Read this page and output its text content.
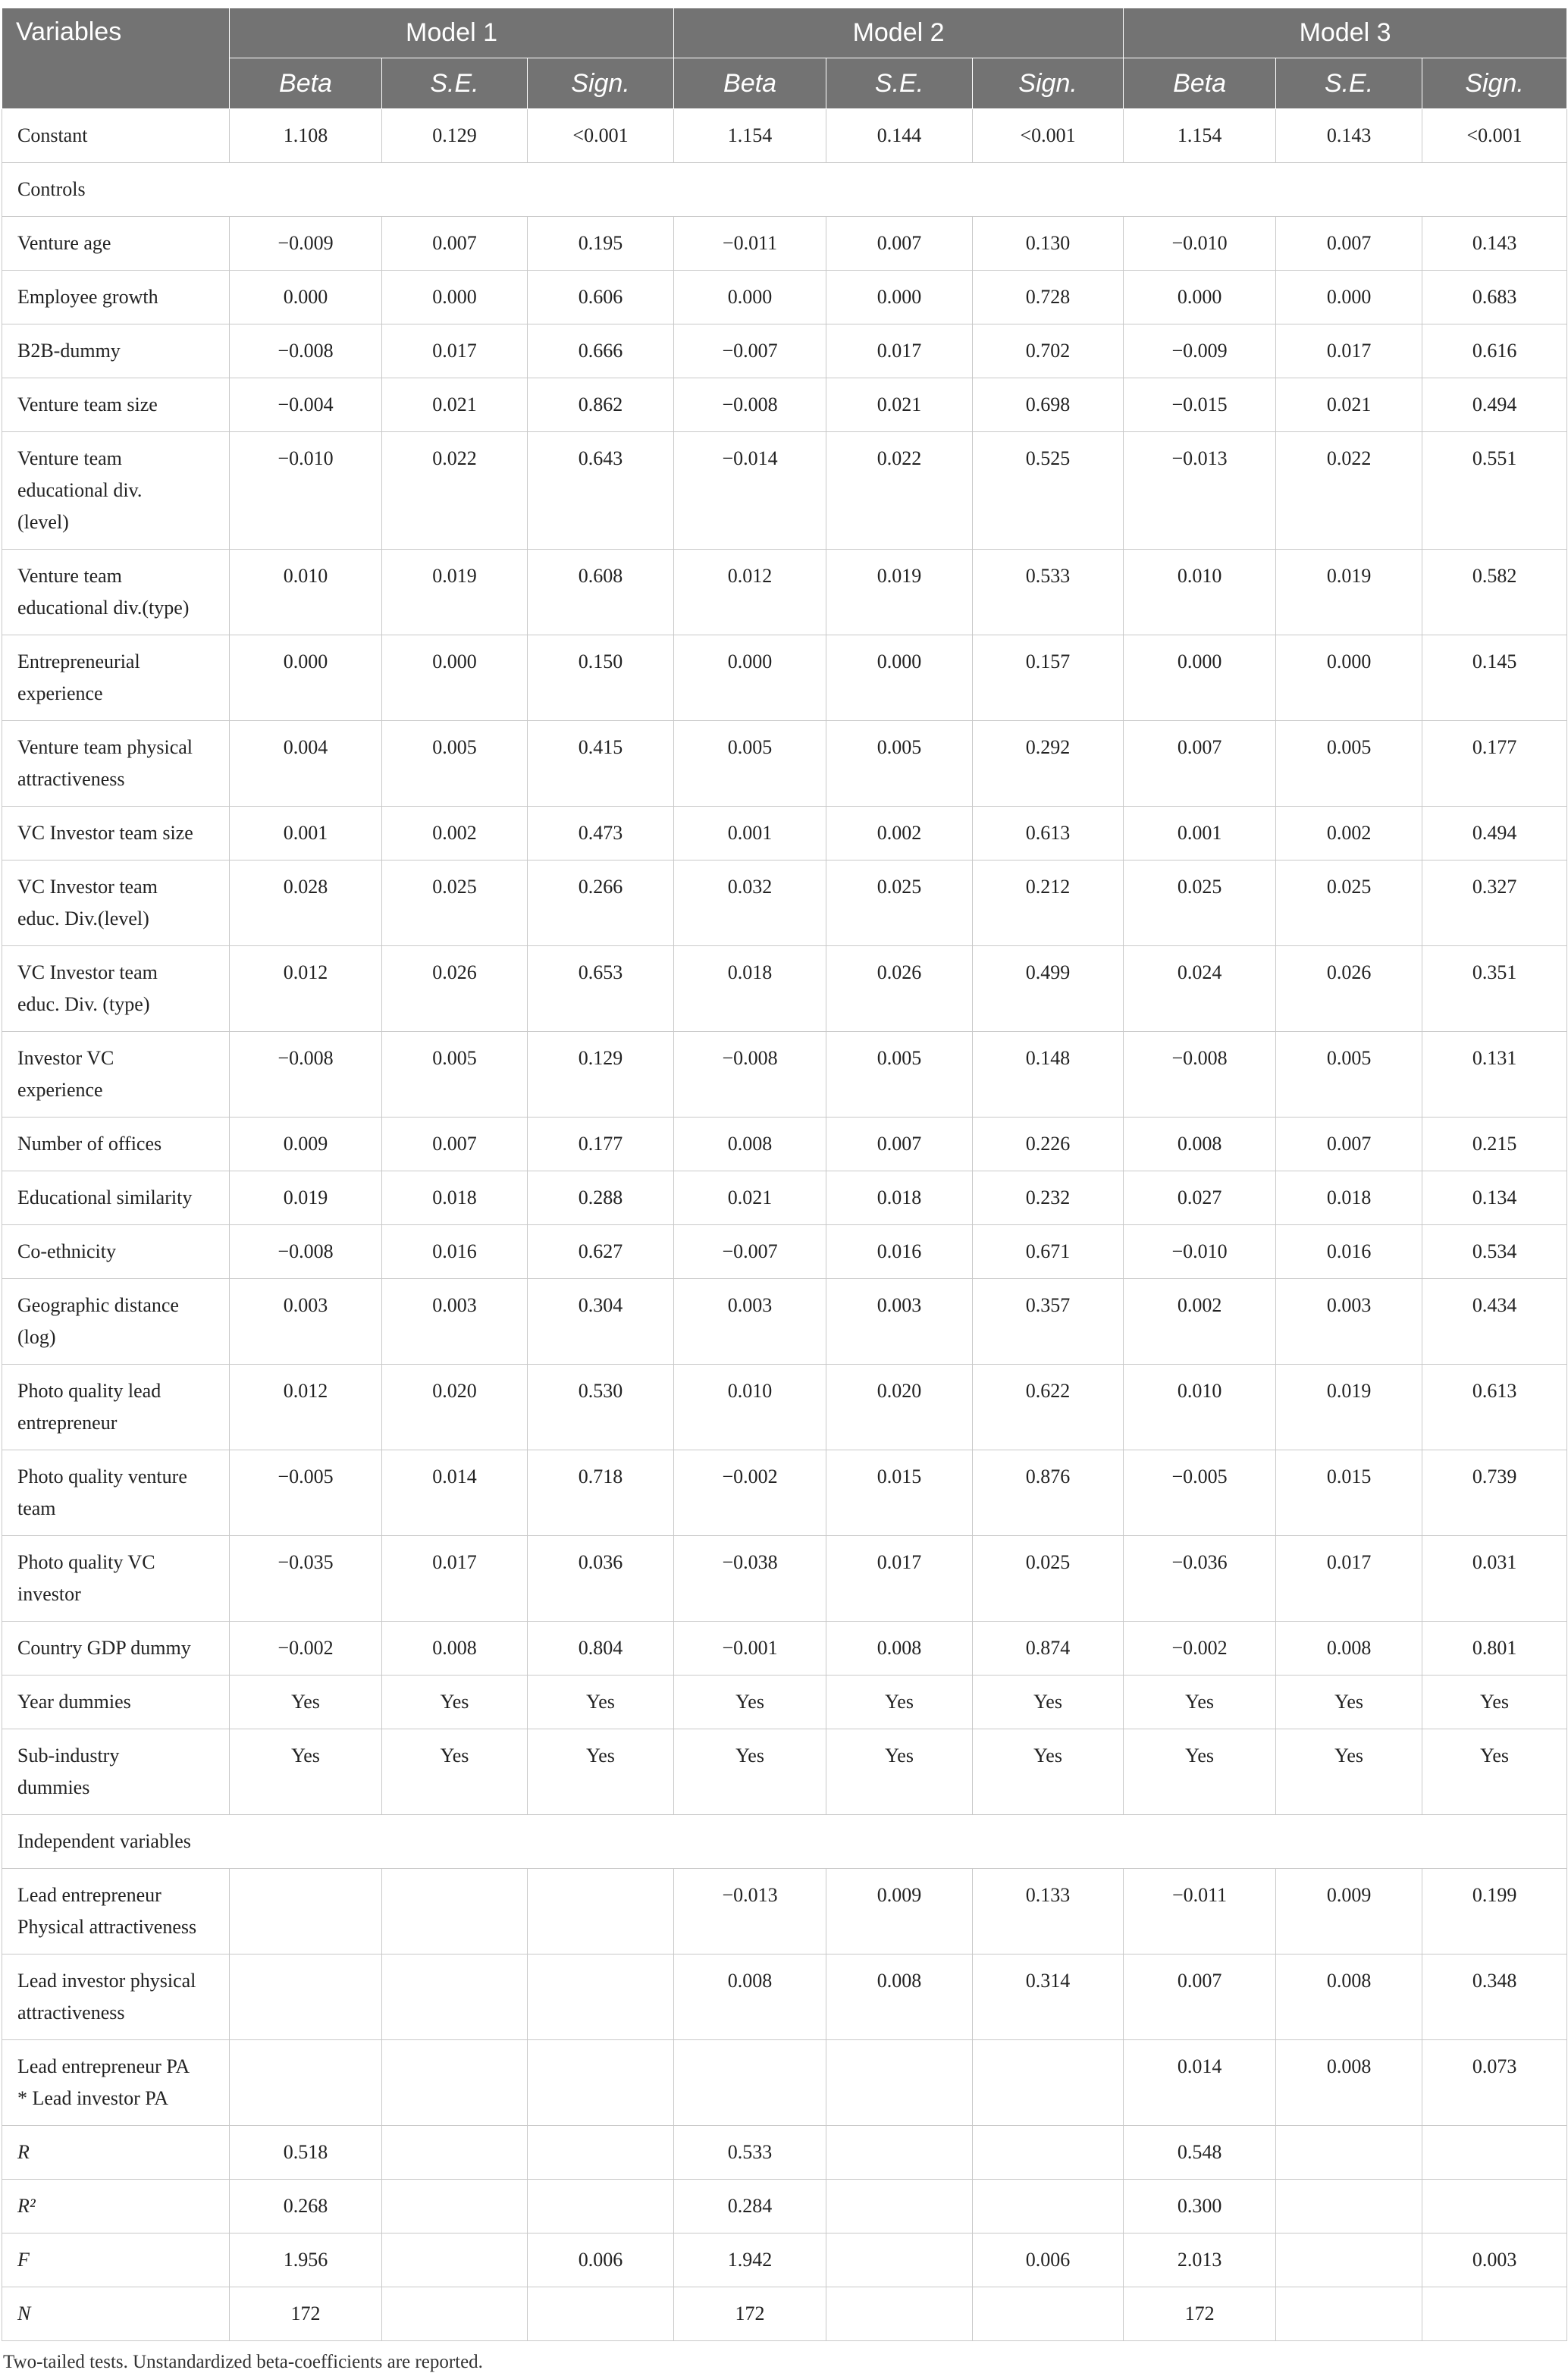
Variables	Model 1			Model 2			Model 3		
	Beta	S.E.	Sign.	Beta	S.E.	Sign.	Beta	S.E.	Sign.
Constant	1.108	0.129	<0.001	1.154	0.144	<0.001	1.154	0.143	<0.001
Controls									
Venture age	−0.009	0.007	0.195	−0.011	0.007	0.130	−0.010	0.007	0.143
Employee growth	0.000	0.000	0.606	0.000	0.000	0.728	0.000	0.000	0.683
B2B-dummy	−0.008	0.017	0.666	−0.007	0.017	0.702	−0.009	0.017	0.616
Venture team size	−0.004	0.021	0.862	−0.008	0.021	0.698	−0.015	0.021	0.494

Venture team
educational div.
(level)	−0.010	0.022	0.643	−0.014	0.022	0.525	−0.013	0.022	0.551

Venture team
educational div.(type)	0.010	0.019	0.608	0.012	0.019	0.533	0.010	0.019	0.582

Entrepreneurial
experience	0.000	0.000	0.150	0.000	0.000	0.157	0.000	0.000	0.145

Venture team physical
attractiveness	0.004	0.005	0.415	0.005	0.005	0.292	0.007	0.005	0.177
VC Investor team size	0.001	0.002	0.473	0.001	0.002	0.613	0.001	0.002	0.494

VC Investor team
educ. Div.(level)	0.028	0.025	0.266	0.032	0.025	0.212	0.025	0.025	0.327

VC Investor team
educ. Div. (type)	0.012	0.026	0.653	0.018	0.026	0.499	0.024	0.026	0.351

Investor VC
experience	−0.008	0.005	0.129	−0.008	0.005	0.148	−0.008	0.005	0.131
Number of offices	0.009	0.007	0.177	0.008	0.007	0.226	0.008	0.007	0.215
Educational similarity	0.019	0.018	0.288	0.021	0.018	0.232	0.027	0.018	0.134
Co-ethnicity	−0.008	0.016	0.627	−0.007	0.016	0.671	−0.010	0.016	0.534

Geographic distance
(log)	0.003	0.003	0.304	0.003	0.003	0.357	0.002	0.003	0.434

Photo quality lead
entrepreneur	0.012	0.020	0.530	0.010	0.020	0.622	0.010	0.019	0.613

Photo quality venture
team	−0.005	0.014	0.718	−0.002	0.015	0.876	−0.005	0.015	0.739

Photo quality VC
investor	−0.035	0.017	0.036	−0.038	0.017	0.025	−0.036	0.017	0.031
Country GDP dummy	−0.002	0.008	0.804	−0.001	0.008	0.874	−0.002	0.008	0.801
Year dummies	Yes	Yes	Yes	Yes	Yes	Yes	Yes	Yes	Yes

Sub-industry
dummies	Yes	Yes	Yes	Yes	Yes	Yes	Yes	Yes	Yes
Independent variables									

Lead entrepreneur
Physical attractiveness				−0.013	0.009	0.133	−0.011	0.009	0.199

Lead investor physical
attractiveness				0.008	0.008	0.314	0.007	0.008	0.348

Lead entrepreneur PA
* Lead investor PA							0.014	0.008	0.073
R	0.518			0.533			0.548		
R²	0.268			0.284			0.300		
F	1.956		0.006	1.942		0.006	2.013		0.003
N	172			172			172		
Two-tailed tests. Unstandardized beta-coefficients are reported.
